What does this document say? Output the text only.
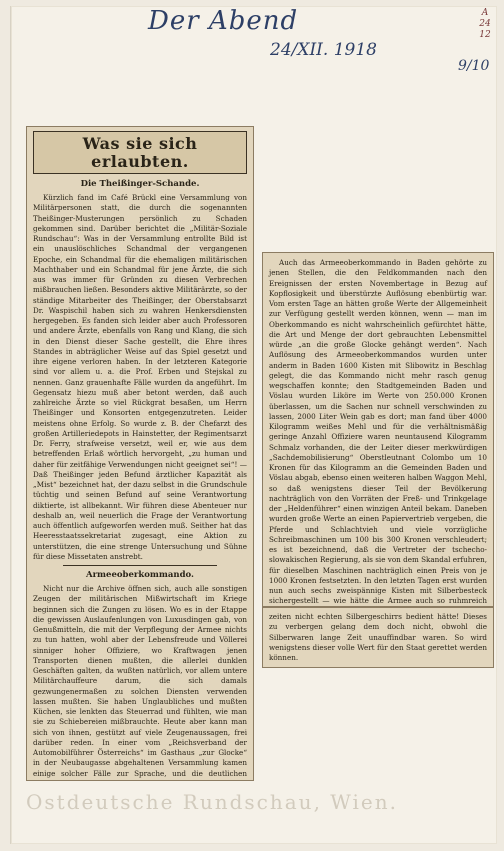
Der Abend
24/XII. 1918
9/10
A 24 12
Was sie sich erlaubten.
Die Theißinger-Schande.

Kürzlich fand im Café Brückl eine Versammlung von Militärpersonen statt, die durch die sogenannten Theißinger-Musterungen persönlich zu Schaden gekommen sind. Darüber berichtet die „Militär-Soziale Rundschau“: Was in der Versammlung entrollte Bild ist ein unauslöschliches Schandmal der vergangenen Epoche, ein Schandmal für die ehemaligen militärischen Machthaber und ein Schandmal für jene Ärzte, die sich aus was immer für Gründen zu diesen Verbrechen mißbrauchen ließen. Besonders aktive Militärärzte, so der ständige Mitarbeiter des Theißinger, der Oberstabsarzt Dr. Waspischil haben sich zu wahren Henkersdiensten hergegeben. Es fanden sich leider aber auch Professoren und andere Ärzte, ebenfalls von Rang und Klang, die sich in den Dienst dieser Sache gestellt, die Ehre ihres Standes in abträglicher Weise auf das Spiel gesetzt und ihre eigene verloren haben. In der letzteren Kategorie sind vor allem u. a. die Prof. Erben und Stejskal zu nennen. Ganz grauenhafte Fälle wurden da angeführt. Im Gegensatz hiezu muß aber betont werden, daß auch zahlreiche Ärzte so viel Rückgrat besaßen, um Herrn Theißinger und Konsorten entgegenzutreten. Leider meistens ohne Erfolg. So wurde z. B. der Chefarzt des großen Artilleriedepots in Hainstetter, der Regimentsarzt Dr. Ferry, strafweise versetzt, weil er, wie aus dem betreffenden Erlaß wörtlich hervorgeht, „zu human und daher für zeitfähige Verwendungen nicht geeignet sei“! — Daß Theißinger jeden Befund ärztlicher Kapazität als „Mist“ bezeichnet hat, der dazu selbst in die Grundschule tüchtig und seinen Befund auf seine Verantwortung diktierte, ist allbekannt. Wir führen diese Abenteuer nur deshalb an, weil neuerlich die Frage der Verantwortung auch öffentlich aufgeworfen werden muß. Seither hat das Heeresstaatssekretariat zugesagt, eine Aktion zu unterstützen, die eine strenge Untersuchung und Sühne für diese Missetaten anstrebt.

Armeeoberkommando.

Nicht nur die Archive öffnen sich, auch alle sonstigen Zeugen der militärischen Mißwirtschaft im Kriege beginnen sich die Zungen zu lösen. Wo es in der Etappe die gewissen Auslaufenlungen von Luxusdingen gab, von Genußmitteln, die mit der Verpflegung der Armee nichts zu tun hatten, wohl aber der Lebensfreude und Völlerei sinniger hoher Offiziere, wo Kraftwagen jenen Transporten dienen mußten, die allerlei dunklen Geschäften galten, da wußten natürlich, vor allem untere Militärchauffeure darum, die sich damals gezwungenermaßen zu solchen Diensten verwenden lassen mußten. Sie haben Unglaubliches und mußten Küchen, sie lenkten das Steuerrad und fühlten, wie man sie zu Schiebereien mißbrauchte. Heute aber kann man sich von ihnen, gestützt auf viele Zeugenaussagen, frei darüber reden. In einer vom „Reichsverband der Automobilführer Österreichs“ im Gasthaus „zur Glocke“ in der Neubaugasse abgehaltenen Versammlung kamen einige solcher Fälle zur Sprache, und die deutlichen

Auch das Armeeoberkommando in Baden gehörte zu jenen Stellen, die den Feldkommanden nach den Ereignissen der ersten Novembertage in Bezug auf Kopflosigkeit und überstürzte Auflösung ebenbürtig war. Vom ersten Tage an hätten große Werte der Allgemeinheit zur Verfügung gestellt werden können, wenn — man im Oberkommando es nicht wahrscheinlich gefürchtet hätte, die Art und Menge der dort gebrauchten Lebensmittel würde „an die große Glocke gehängt werden“. Nach Auflösung des Armeeoberkommandos wurden unter anderm in Baden 1600 Kisten mit Slibowitz in Beschlag gelegt, die das Kommando nicht mehr rasch genug wegschaffen konnte; den Stadtgemeinden Baden und Vöslau wurden Liköre im Werte von 250.000 Kronen überlassen, um die Sachen nur schnell verschwinden zu lassen, 2000 Liter Wein gab es dort; man fand über 4000 Kilogramm weißes Mehl und für die verhältnismäßig geringe Anzahl Offiziere waren neuntausend Kilogramm Schmalz vorhanden, die der Leiter dieser merkwürdigen „Sachdemobilisierung“ Oberstleutnant Colombo um 10 Kronen für das Kilogramm an die Gemeinden Baden und Vöslau abgab, ebenso einen weiteren halben Waggon Mehl, so daß wenigstens dieser Teil der Bevölkerung nachträglich von den Vorräten der Freß- und Trinkgelage der „Heldenführer“ einen winzigen Anteil bekam. Daneben wurden große Werte an einen Papiervertrieb vergeben, die Pferde und Schlachtvieh und viele vorzügliche Schreibmaschinen um 100 bis 300 Kronen verschleudert; es ist bezeichnend, daß die Vertreter der tschecho-slowakischen Regierung, als sie von dem Skandal erfuhren, für dieselben Maschinen nachträglich einen Preis von je 1000 Kronen festsetzten. In den letzten Tagen erst wurden nun auch sechs zweispännige Kisten mit Silberbesteck sichergestellt — wie hätte die Armee auch so ruhmreich

zeiten nicht echten Silbergeschirrs bedient hätte! Dieses zu verbergen gelang dem doch nicht, obwohl die Silberwaren lange Zeit unauffindbar waren. So wird wenigstens dieser volle Wert für den Staat gerettet werden können.

Ostdeutsche Rundschau, Wien.
